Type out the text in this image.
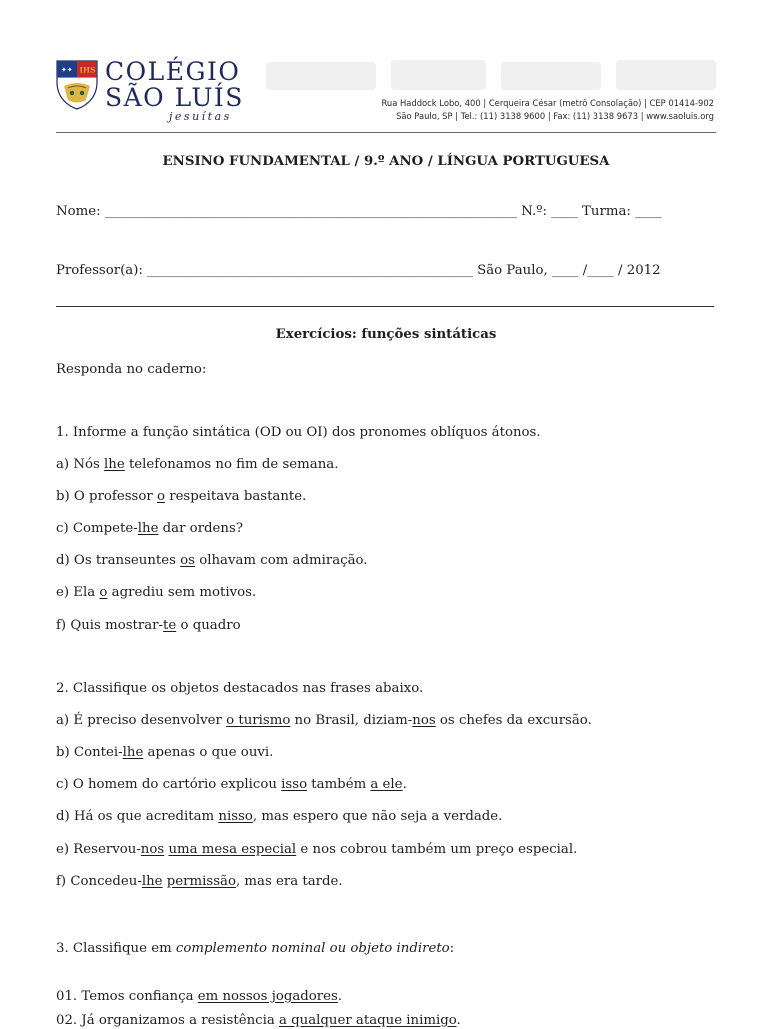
✦✦ IHS COLÉGIO
SÃO LUÍS
jesuítas
Rua Haddock Lobo, 400 | Cerqueira César (metrô Consolação) | CEP 01414-902
São Paulo, SP | Tel.: (11) 3138 9600 | Fax: (11) 3138 9673 | www.saoluis.org
ENSINO FUNDAMENTAL / 9.º ANO / LÍNGUA PORTUGUESA
Nome: ______________________________________________________________ N.º: ____ Turma: ____
Professor(a): _________________________________________________ São Paulo, ____ /____ / 2012
Exercícios: funções sintáticas
Responda no caderno:
1. Informe a função sintática (OD ou OI) dos pronomes oblíquos átonos.
a) Nós lhe telefonamos no fim de semana.
b) O professor o respeitava bastante.
c) Compete-lhe dar ordens?
d) Os transeuntes os olhavam com admiração.
e) Ela o agrediu sem motivos.
f) Quis mostrar-te o quadro
2. Classifique os objetos destacados nas frases abaixo.
a) É preciso desenvolver o turismo no Brasil, diziam-nos os chefes da excursão.
b) Contei-lhe apenas o que ouvi.
c) O homem do cartório explicou isso também a ele.
d) Há os que acreditam nisso, mas espero que não seja a verdade.
e) Reservou-nos uma mesa especial e nos cobrou também um preço especial.
f) Concedeu-lhe permissão, mas era tarde.
3. Classifique em complemento nominal ou objeto indireto:
01. Temos confiança em nossos jogadores.
02. Já organizamos a resistência a qualquer ataque inimigo.
